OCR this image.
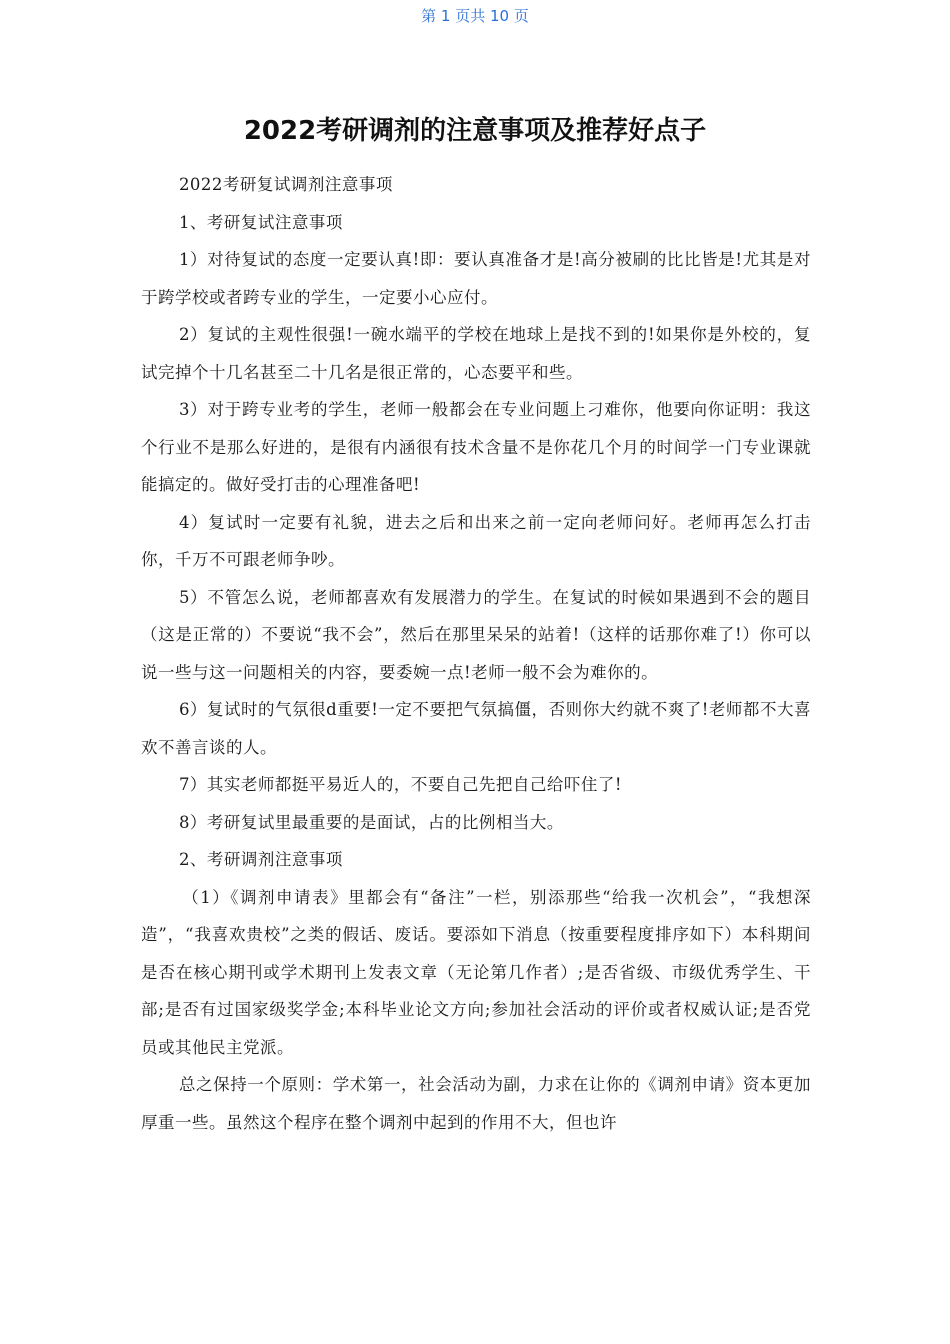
第 1 页共 10 页
2022考研调剂的注意事项及推荐好点子

2022考研复试调剂注意事项

1、考研复试注意事项

1）对待复试的态度一定要认真!即：要认真准备才是!高分被刷的比比皆是!尤其是对于跨学校或者跨专业的学生，一定要小心应付。

2）复试的主观性很强!一碗水端平的学校在地球上是找不到的!如果你是外校的，复试完掉个十几名甚至二十几名是很正常的，心态要平和些。

3）对于跨专业考的学生，老师一般都会在专业问题上刁难你，他要向你证明：我这个行业不是那么好进的，是很有内涵很有技术含量不是你花几个月的时间学一门专业课就能搞定的。做好受打击的心理准备吧!

4）复试时一定要有礼貌，进去之后和出来之前一定向老师问好。老师再怎么打击你，千万不可跟老师争吵。

5）不管怎么说，老师都喜欢有发展潜力的学生。在复试的时候如果遇到不会的题目（这是正常的）不要说“我不会”，然后在那里呆呆的站着!（这样的话那你难了!）你可以说一些与这一问题相关的内容，要委婉一点!老师一般不会为难你的。

6）复试时的气氛很d重要!一定不要把气氛搞僵，否则你大约就不爽了!老师都不大喜欢不善言谈的人。

7）其实老师都挺平易近人的，不要自己先把自己给吓住了!

8）考研复试里最重要的是面试，占的比例相当大。

2、考研调剂注意事项

（1）《调剂申请表》里都会有“备注”一栏，别添那些“给我一次机会”，“我想深造”，“我喜欢贵校”之类的假话、废话。要添如下消息（按重要程度排序如下）本科期间是否在核心期刊或学术期刊上发表文章（无论第几作者）;是否省级、市级优秀学生、干部;是否有过国家级奖学金;本科毕业论文方向;参加社会活动的评价或者权威认证;是否党员或其他民主党派。

总之保持一个原则：学术第一，社会活动为副，力求在让你的《调剂申请》资本更加厚重一些。虽然这个程序在整个调剂中起到的作用不大，但也许
